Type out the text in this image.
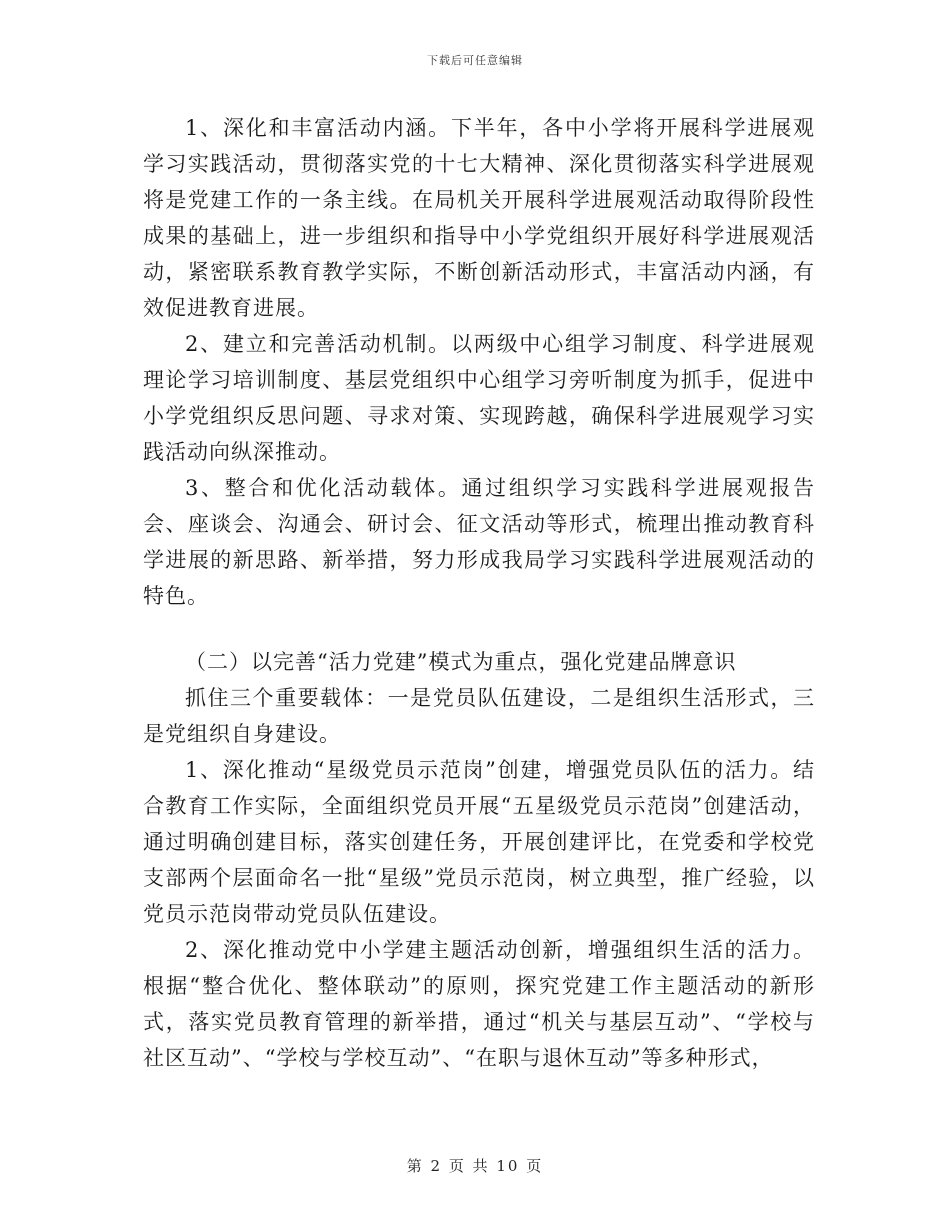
下载后可任意编辑

1、深化和丰富活动内涵。下半年，各中小学将开展科学进展观学习实践活动，贯彻落实党的十七大精神、深化贯彻落实科学进展观将是党建工作的一条主线。在局机关开展科学进展观活动取得阶段性成果的基础上，进一步组织和指导中小学党组织开展好科学进展观活动，紧密联系教育教学实际，不断创新活动形式，丰富活动内涵，有效促进教育进展。

2、建立和完善活动机制。以两级中心组学习制度、科学进展观理论学习培训制度、基层党组织中心组学习旁听制度为抓手，促进中小学党组织反思问题、寻求对策、实现跨越，确保科学进展观学习实践活动向纵深推动。

3、整合和优化活动载体。通过组织学习实践科学进展观报告会、座谈会、沟通会、研讨会、征文活动等形式，梳理出推动教育科学进展的新思路、新举措，努力形成我局学习实践科学进展观活动的特色。

（二）以完善“活力党建”模式为重点，强化党建品牌意识

抓住三个重要载体：一是党员队伍建设，二是组织生活形式，三是党组织自身建设。

1、深化推动“星级党员示范岗”创建，增强党员队伍的活力。结合教育工作实际，全面组织党员开展“五星级党员示范岗”创建活动，通过明确创建目标，落实创建任务，开展创建评比，在党委和学校党支部两个层面命名一批“星级”党员示范岗，树立典型，推广经验，以党员示范岗带动党员队伍建设。

2、深化推动党中小学建主题活动创新，增强组织生活的活力。根据“整合优化、整体联动”的原则，探究党建工作主题活动的新形式，落实党员教育管理的新举措，通过“机关与基层互动”、“学校与社区互动”、“学校与学校互动”、“在职与退休互动”等多种形式，

第 2 页 共 10 页
